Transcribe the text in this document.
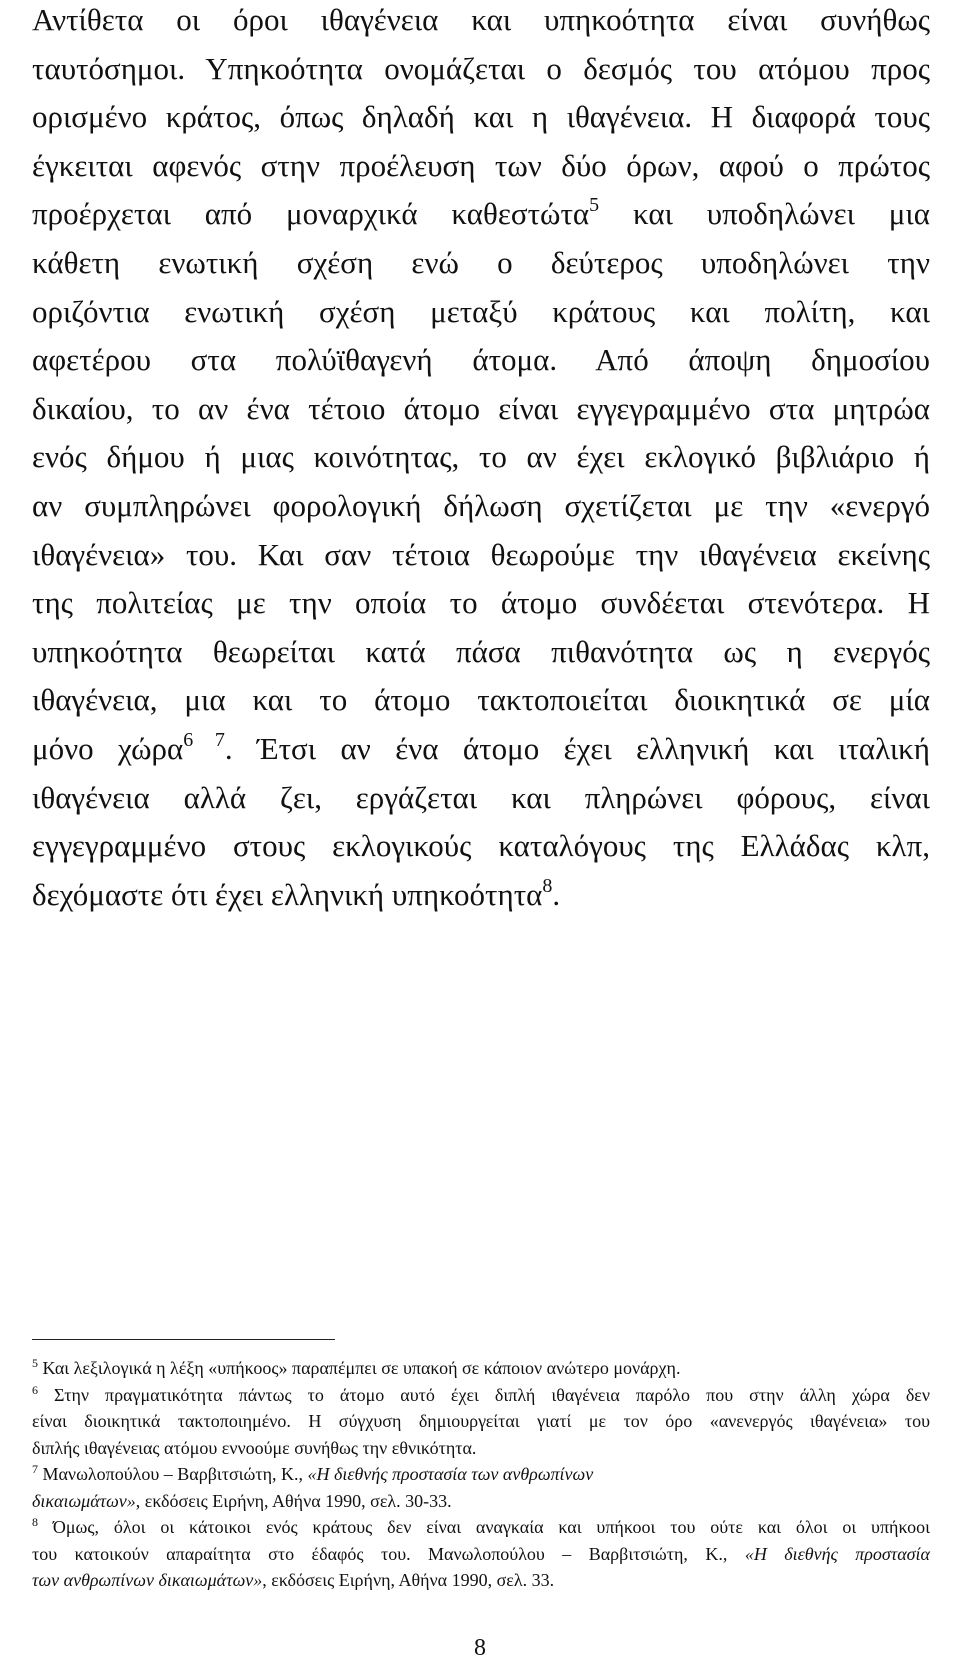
Αντίθετα οι όροι ιθαγένεια και υπηκοότητα είναι συνήθως
ταυτόσημοι. Υπηκοότητα ονομάζεται ο δεσμός του ατόμου προς
ορισμένο κράτος, όπως δηλαδή και η ιθαγένεια. Η διαφορά τους
έγκειται αφενός στην προέλευση των δύο όρων, αφού ο πρώτος
προέρχεται από μοναρχικά καθεστώτα$^5$ και υποδηλώνει μια
κάθετη ενωτική σχέση ενώ ο δεύτερος υποδηλώνει την
οριζόντια ενωτική σχέση μεταξύ κράτους και πολίτη, και
αφετέρου στα πολύϊθαγενή άτομα. Από άποψη δημοσίου
δικαίου, το αν ένα τέτοιο άτομο είναι εγγεγραμμένο στα μητρώα
ενός δήμου ή μιας κοινότητας, το αν έχει εκλογικό βιβλιάριο ή
αν συμπληρώνει φορολογική δήλωση σχετίζεται με την «ενεργό
ιθαγένεια» του. Και σαν τέτοια θεωρούμε την ιθαγένεια εκείνης
της πολιτείας με την οποία το άτομο συνδέεται στενότερα. Η
υπηκοότητα θεωρείται κατά πάσα πιθανότητα ως η ενεργός
ιθαγένεια, μια και το άτομο τακτοποιείται διοικητικά σε μία
μόνο χώρα$^{6 7}$. Έτσι αν ένα άτομο έχει ελληνική και ιταλική
ιθαγένεια αλλά ζει, εργάζεται και πληρώνει φόρους, είναι
εγγεγραμμένο στους εκλογικούς καταλόγους της Ελλάδας κλπ,
δεχόμαστε ότι έχει ελληνική υπηκοότητα$^8$.

$^5$ Και λεξιλογικά η λέξη «υπήκοος» παραπέμπει σε υπακοή σε κάποιον ανώτερο μονάρχη.
$^6$ Στην πραγματικότητα πάντως το άτομο αυτό έχει διπλή ιθαγένεια παρόλο που στην άλλη χώρα δεν
είναι διοικητικά τακτοποιημένο. Η σύγχυση δημιουργείται γιατί με τον όρο «ανενεργός ιθαγένεια» του
διπλής ιθαγένειας ατόμου εννοούμε συνήθως την εθνικότητα.
$^7$ Μανωλοπούλου – Βαρβιτσιώτη, Κ., «Η διεθνής προστασία των ανθρωπίνων
δικαιωμάτων», εκδόσεις Ειρήνη, Αθήνα 1990, σελ. 30-33.
$^8$ Όμως, όλοι οι κάτοικοι ενός κράτους δεν είναι αναγκαία και υπήκοοι του ούτε και όλοι οι υπήκοοι
του κατοικούν απαραίτητα στο έδαφός του. Μανωλοπούλου – Βαρβιτσιώτη, Κ., «Η διεθνής προστασία
των ανθρωπίνων δικαιωμάτων», εκδόσεις Ειρήνη, Αθήνα 1990, σελ. 33.
8
